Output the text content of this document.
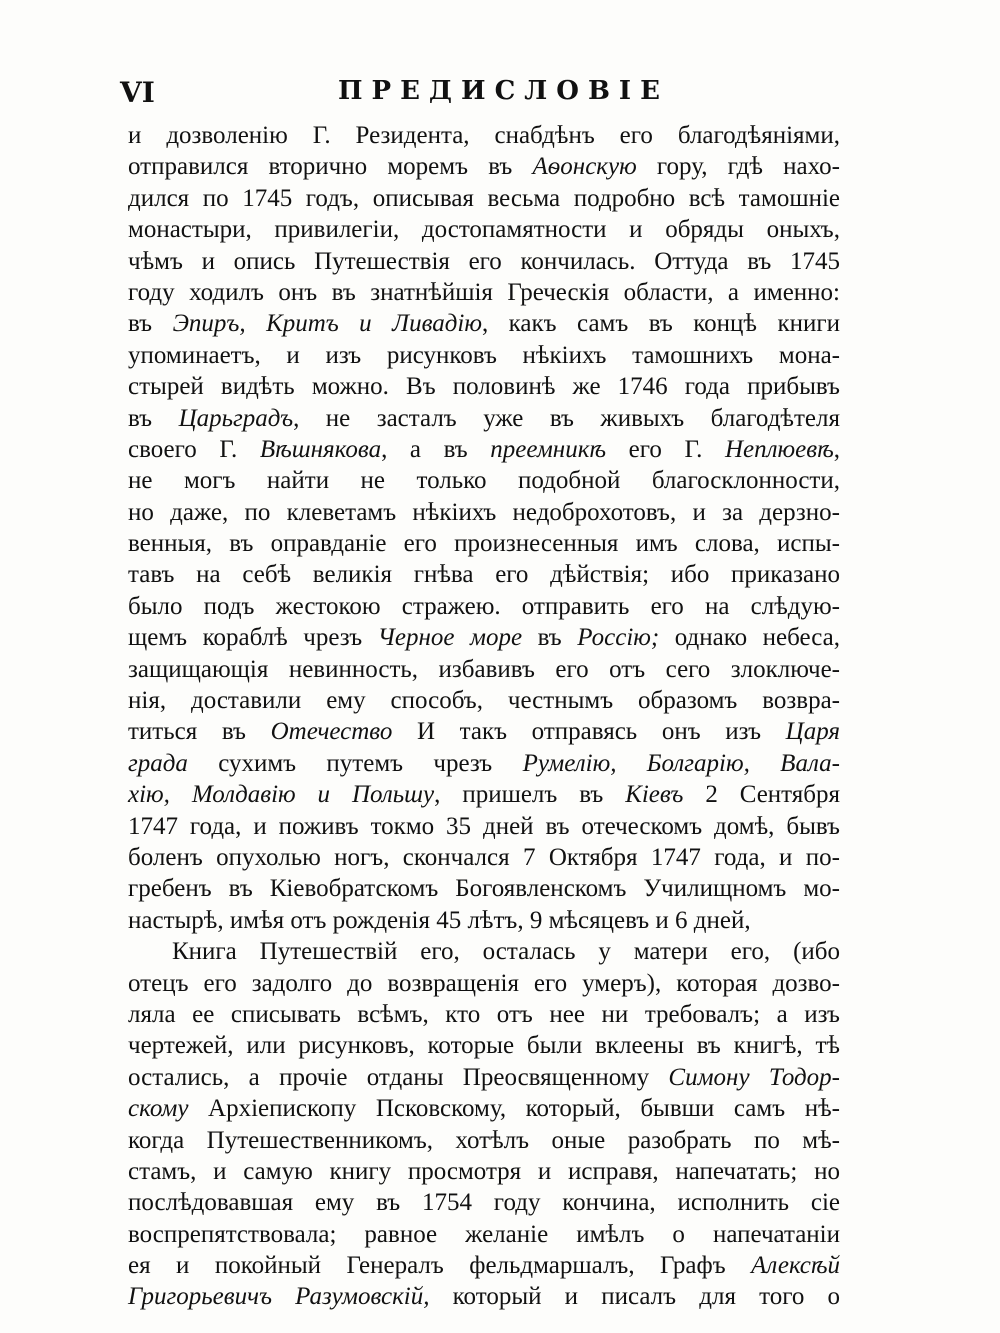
VI	ПРЕДИСЛОВІЕ
и дозволенію Г. Резидента, снабдѣнъ его благодѣяніями,
отправился вторично моремъ въ Аѳонскую гору, гдѣ нахо-
дился по 1745 годъ, описывая весьма подробно всѣ тамошніе
монастыри, привилегіи, достопамятности и обряды оныхъ,
чѣмъ и опись Путешествія его кончилась. Оттуда въ 1745
году ходилъ онъ въ знатнѣйшія Греческія области, а именно:
въ Эпиръ, Критъ и Ливадію, какъ самъ въ концѣ книги
упоминаетъ, и изъ рисунковъ нѣкіихъ тамошнихъ мона-
стырей видѣть можно. Въ половинѣ же 1746 года прибывъ
въ Царьградъ, не засталъ уже въ живыхъ благодѣтеля
своего Г. Вѣшнякова, а въ преемникѣ его Г. Неплюевѣ,
не могъ найти не только подобной благосклонности,
но даже, по клеветамъ нѣкіихъ недоброхотовъ, и за дерзно-
венныя, въ оправданіе его произнесенныя имъ слова, испы-
тавъ на себѣ великія гнѣва его дѣйствія; ибо приказано
было подъ жестокою стражею. отправить его на слѣдую-
щемъ кораблѣ чрезъ Черное море въ Россію; однако небеса,
защищающія невинность, избавивъ его отъ сего злоключе-
нія, доставили ему способъ, честнымъ образомъ возвра-
титься въ Отечество И такъ отправясь онъ изъ Царя
града сухимъ путемъ чрезъ Румелію, Болгарію, Вала-
хію, Молдавію и Польшу, пришелъ въ Кіевъ 2 Сентября
1747 года, и поживъ токмо 35 дней въ отеческомъ домѣ, бывъ
боленъ опухолью ногъ, скончался 7 Октября 1747 года, и по-
гребенъ въ Кіевобратскомъ Богоявленскомъ Училищномъ мо-
настырѣ, имѣя отъ рожденія 45 лѣтъ, 9 мѣсяцевъ и 6 дней,
Книга Путешествій его, осталась у матери его, (ибо
отецъ его задолго до возвращенія его умеръ), которая дозво-
ляла ее списывать всѣмъ, кто отъ нее ни требовалъ; а изъ
чертежей, или рисунковъ, которые были вклеены въ книгѣ, тѣ
остались, а прочіе отданы Преосвященному Симону Тодор-
скому Архіепископу Псковскому, который, бывши самъ нѣ-
когда Путешественникомъ, хотѣлъ оные разобрать по мѣ-
стамъ, и самую книгу просмотря и исправя, напечатать; но
послѣдовавшая ему въ 1754 году кончина, исполнить сіе
воспрепятствовала; равное желаніе имѣлъ о напечатаніи
ея и покойный Генералъ фельдмаршалъ, Графъ Алексѣй
Григорьевичъ Разумовскій, который и писалъ для того о
